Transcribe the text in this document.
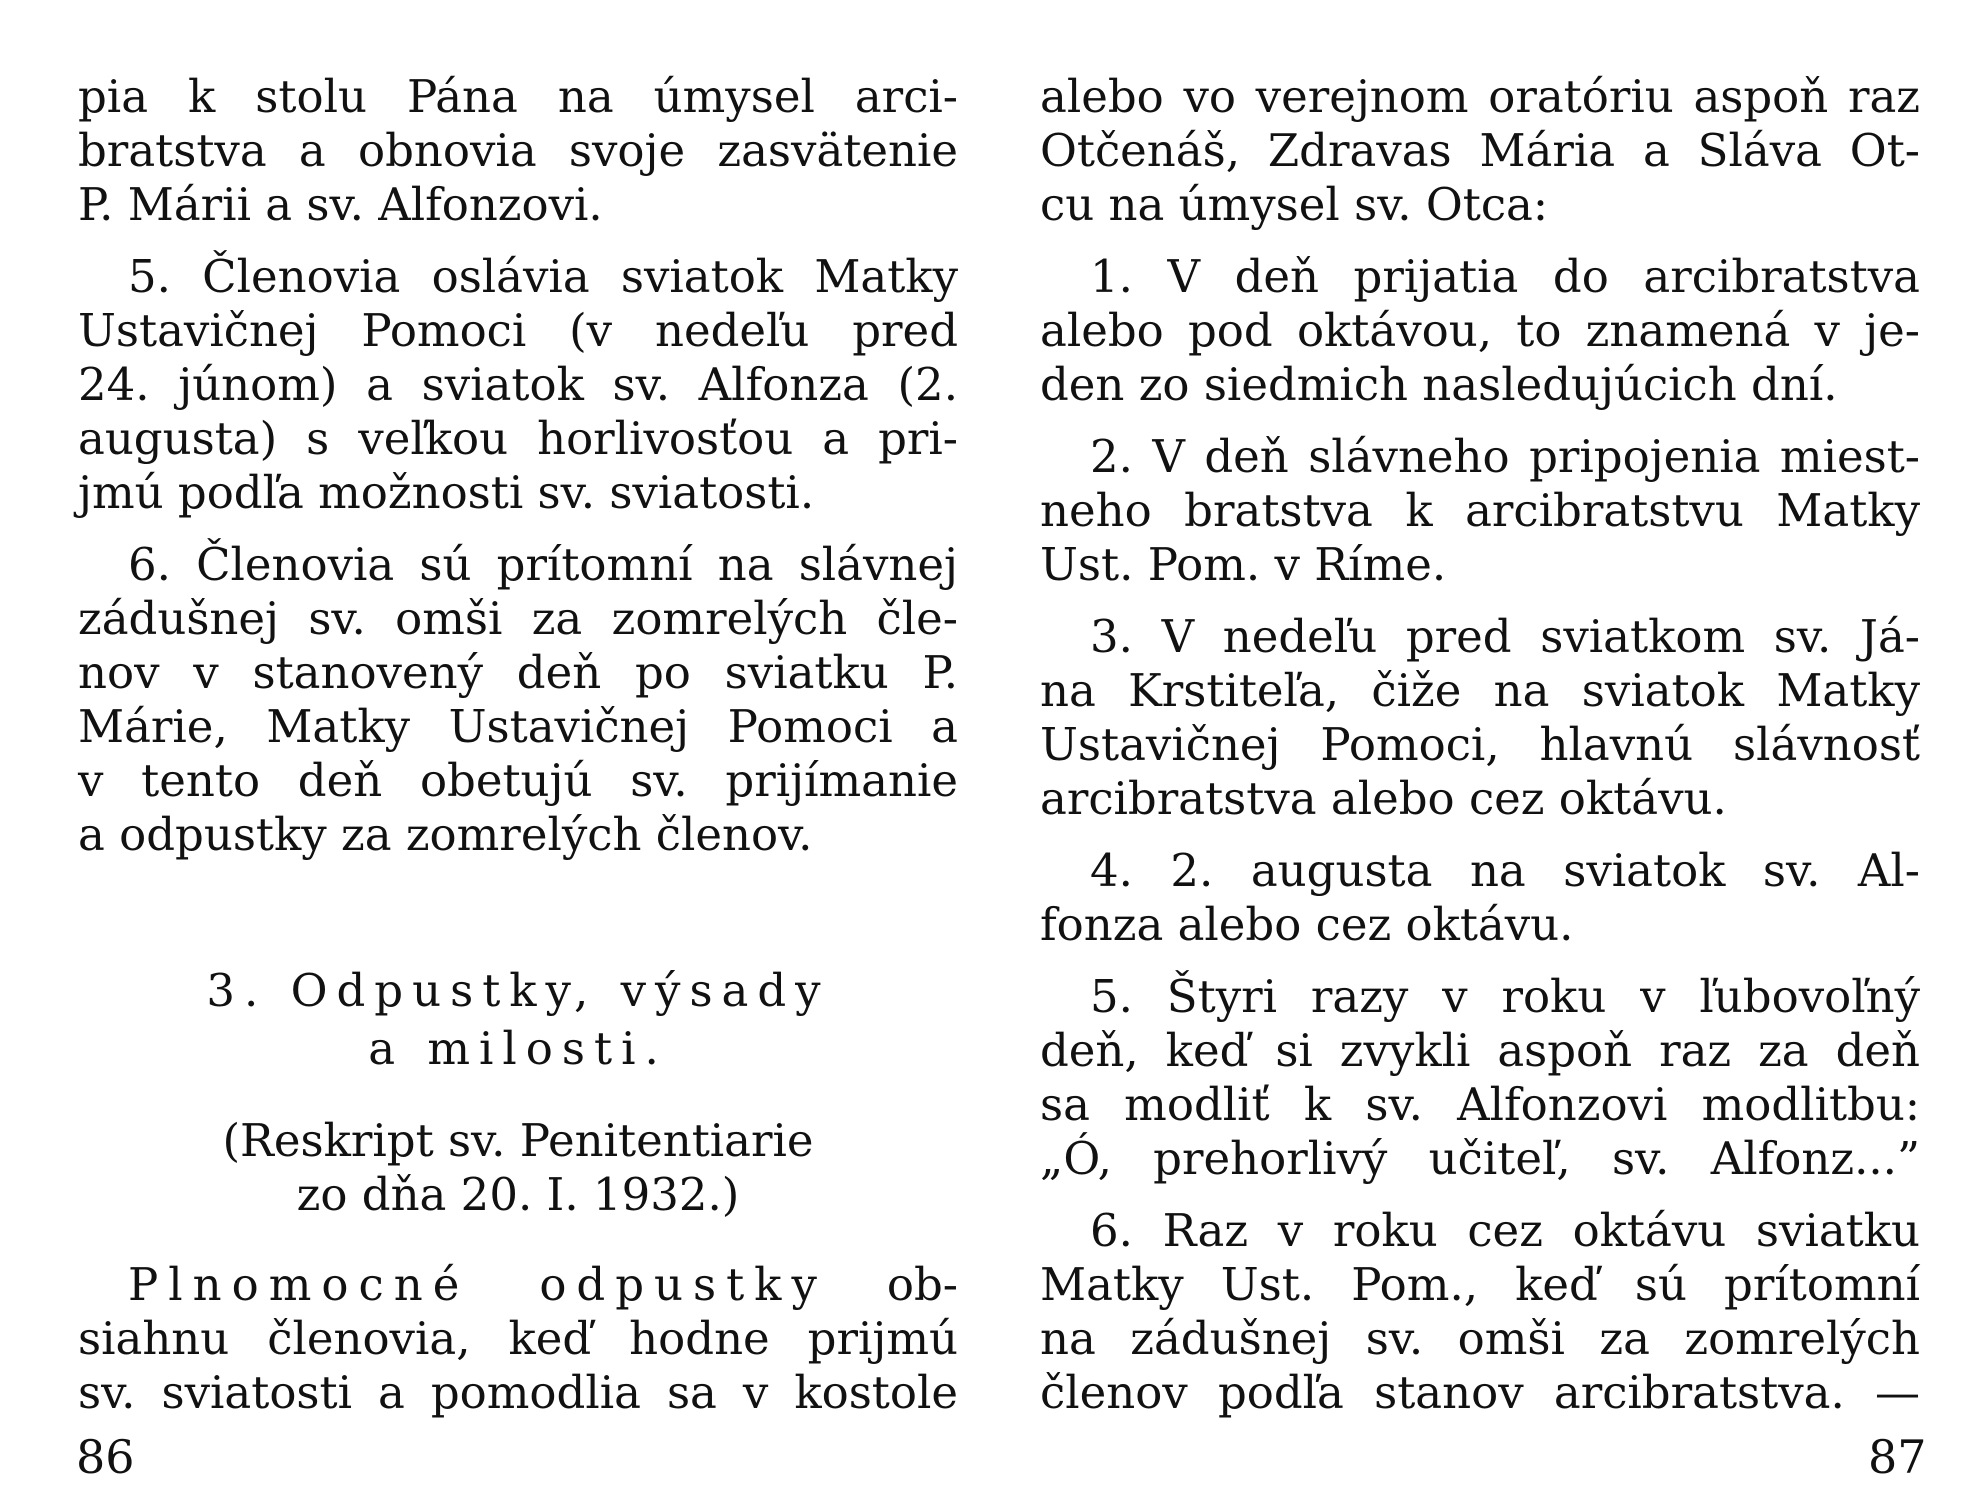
pia k stolu Pána na úmysel arci-
bratstva a obnovia svoje zasvätenie
P. Márii a sv. Alfonzovi.
5. Členovia oslávia sviatok Matky
Ustavičnej Pomoci (v nedeľu pred
24. júnom) a sviatok sv. Alfonza (2.
augusta) s veľkou horlivosťou a pri-
jmú podľa možnosti sv. sviatosti.
6. Členovia sú prítomní na slávnej
zádušnej sv. omši za zomrelých čle-
nov v stanovený deň po sviatku P.
Márie, Matky Ustavičnej Pomoci a
v tento deň obetujú sv. prijímanie
a odpustky za zomrelých členov.
3. Odpustky, výsady
a milosti.
(Reskript sv. Penitentiarie
zo dňa 20. I. 1932.)
Plnomocné odpustky ob-
siahnu členovia, keď hodne prijmú
sv. sviatosti a pomodlia sa v kostole
86
alebo vo verejnom oratóriu aspoň raz
Otčenáš, Zdravas Mária a Sláva Ot-
cu na úmysel sv. Otca:
1. V deň prijatia do arcibratstva
alebo pod oktávou, to znamená v je-
den zo siedmich nasledujúcich dní.
2. V deň slávneho pripojenia miest-
neho bratstva k arcibratstvu Matky
Ust. Pom. v Ríme.
3. V nedeľu pred sviatkom sv. Já-
na Krstiteľa, čiže na sviatok Matky
Ustavičnej Pomoci, hlavnú slávnosť
arcibratstva alebo cez oktávu.
4. 2. augusta na sviatok sv. Al-
fonza alebo cez oktávu.
5. Štyri razy v roku v ľubovoľný
deň, keď si zvykli aspoň raz za deň
sa modliť k sv. Alfonzovi modlitbu:
„Ó, prehorlivý učiteľ, sv. Alfonz...”
6. Raz v roku cez oktávu sviatku
Matky Ust. Pom., keď sú prítomní
na zádušnej sv. omši za zomrelých
členov podľa stanov arcibratstva. —
87
